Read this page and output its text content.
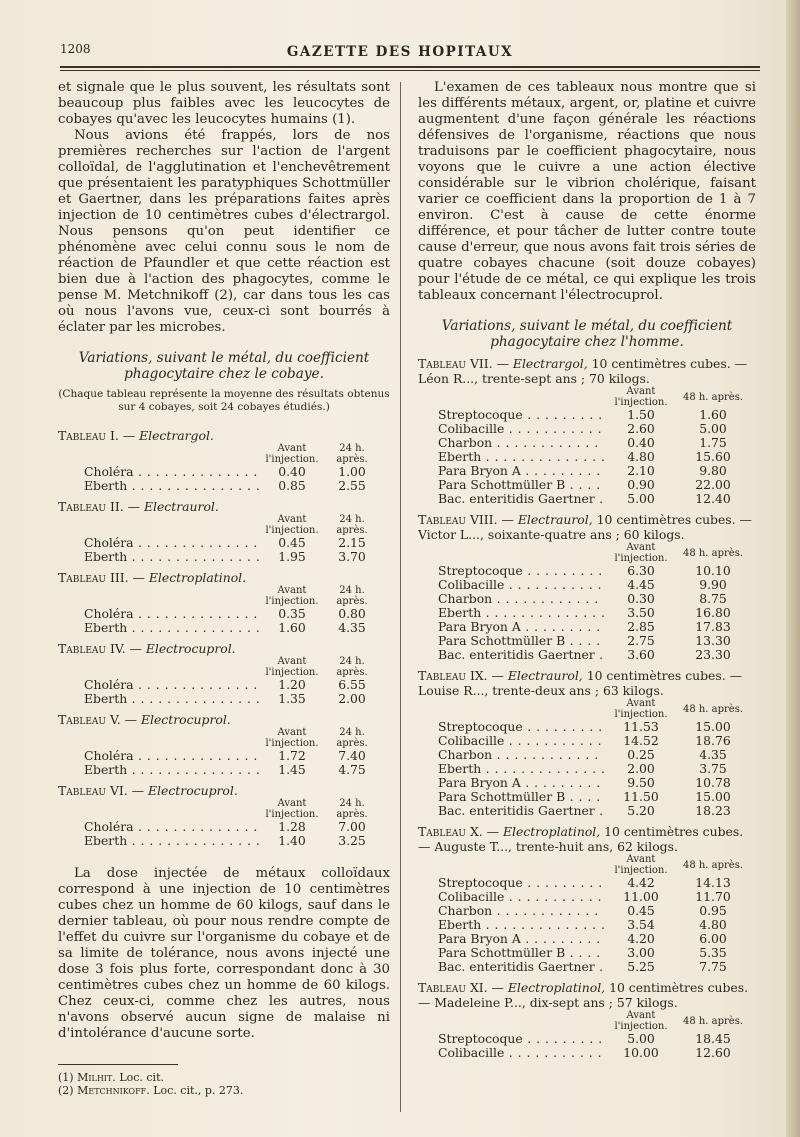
1208	GAZETTE DES HOPITAUX

et signale que le plus souvent, les résultats sont beaucoup plus faibles avec les leucocytes de cobayes qu'avec les leucocytes humains (1).

Nous avions été frappés, lors de nos premières recherches sur l'action de l'argent colloïdal, de l'agglutination et l'enchevêtrement que présentaient les paratyphiques Schottmüller et Gaertner, dans les préparations faites après injection de 10 centimètres cubes d'électrargol. Nous pensons qu'on peut identifier ce phénomène avec celui connu sous le nom de réaction de Pfaundler et que cette réaction est bien due à l'action des phagocytes, comme le pense M. Metchnikoff (2), car dans tous les cas où nous l'avons vue, ceux-ci sont bourrés à éclater par les microbes.

Variations, suivant le métal, du coefficient phagocytaire chez le cobaye.
(Chaque tableau représente la moyenne des résultats obtenus sur 4 cobayes, soit 24 cobayes étudiés.)
Tableau I. — Electrargol.
	Avant l'injection.	24 h. après.
Choléra . . .	0.40	1.00
Eberth . . .	0.85	2.55
Tableau II. — Electraurol.
	Avant l'injection.	24 h. après.
Choléra . . .	0.45	2.15
Eberth . . .	1.95	3.70
Tableau III. — Electroplatinol.
	Avant l'injection.	24 h. après.
Choléra . . .	0.35	0.80
Eberth . . .	1.60	4.35
Tableau IV. — Electrocuprol.
	Avant l'injection.	24 h. après.
Choléra . . .	1.20	6.55
Eberth . . .	1.35	2.00
Tableau V. — Electrocuprol.
	Avant l'injection.	24 h. après.
Choléra . . .	1.72	7.40
Eberth . . .	1.45	4.75
Tableau VI. — Electrocuprol.
	Avant l'injection.	24 h. après.
Choléra . . .	1.28	7.00
Eberth . . .	1.40	3.25

La dose injectée de métaux colloïdaux correspond à une injection de 10 centimètres cubes chez un homme de 60 kilogs, sauf dans le dernier tableau, où pour nous rendre compte de l'effet du cuivre sur l'organisme du cobaye et de sa limite de tolérance, nous avons injecté une dose 3 fois plus forte, correspondant donc à 30 centimètres cubes chez un homme de 60 kilogs. Chez ceux-ci, comme chez les autres, nous n'avons observé aucun signe de malaise ni d'intolérance d'aucune sorte.

(1) Milhit. Loc. cit.
(2) Metchnikoff. Loc. cit., p. 273.

L'examen de ces tableaux nous montre que si les différents métaux, argent, or, platine et cuivre augmentent d'une façon générale les réactions défensives de l'organisme, réactions que nous traduisons par le coefficient phagocytaire, nous voyons que le cuivre a une action élective considérable sur le vibrion cholérique, faisant varier ce coefficient dans la proportion de 1 à 7 environ. C'est à cause de cette énorme différence, et pour tâcher de lutter contre toute cause d'erreur, que nous avons fait trois séries de quatre cobayes chacune (soit douze cobayes) pour l'étude de ce métal, ce qui explique les trois tableaux concernant l'électrocuprol.

Variations, suivant le métal, du coefficient phagocytaire chez l'homme.
Tableau VII. — Electrargol, 10 centimètres cubes. — Léon R..., trente-sept ans ; 70 kilogs.
	Avant l'injection.	48 h. après.
Streptocoque . . .	1.50	1.60
Colibacille . . .	2.60	5.00
Charbon . . .	0.40	1.75
Eberth . . .	4.80	15.60
Para Bryon A . . .	2.10	9.80
Para Schottmüller B . . .	0.90	22.00
Bac. enteritidis Gaertner . . .	5.00	12.40
Tableau VIII. — Electraurol, 10 centimètres cubes. — Victor L..., soixante-quatre ans ; 60 kilogs.
	Avant l'injection.	48 h. après.
Streptocoque . . .	6.30	10.10
Colibacille . . .	4.45	9.90
Charbon . . .	0.30	8.75
Eberth . . .	3.50	16.80
Para Bryon A . . .	2.85	17.83
Para Schottmüller B . . .	2.75	13.30
Bac. enteritidis Gaertner . . .	3.60	23.30
Tableau IX. — Electraurol, 10 centimètres cubes. — Louise R..., trente-deux ans ; 63 kilogs.
	Avant l'injection.	48 h. après.
Streptocoque . . .	11.53	15.00
Colibacille . . .	14.52	18.76
Charbon . . .	0.25	4.35
Eberth . . .	2.00	3.75
Para Bryon A . . .	9.50	10.78
Para Schottmüller B . . .	11.50	15.00
Bac. enteritidis Gaertner . . .	5.20	18.23
Tableau X. — Electroplatinol, 10 centimètres cubes. — Auguste T..., trente-huit ans, 62 kilogs.
	Avant l'injection.	48 h. après.
Streptocoque . . .	4.42	14.13
Colibacille . . .	11.00	11.70
Charbon . . .	0.45	0.95
Eberth . . .	3.54	4.80
Para Bryon A . . .	4.20	6.00
Para Schottmüller B . . .	3.00	5.35
Bac. enteritidis Gaertner . . .	5.25	7.75
Tableau XI. — Electroplatinol, 10 centimètres cubes. — Madeleine P..., dix-sept ans ; 57 kilogs.
	Avant l'injection.	48 h. après.
Streptocoque . . .	5.00	18.45
Colibacille . . .	10.00	12.60
